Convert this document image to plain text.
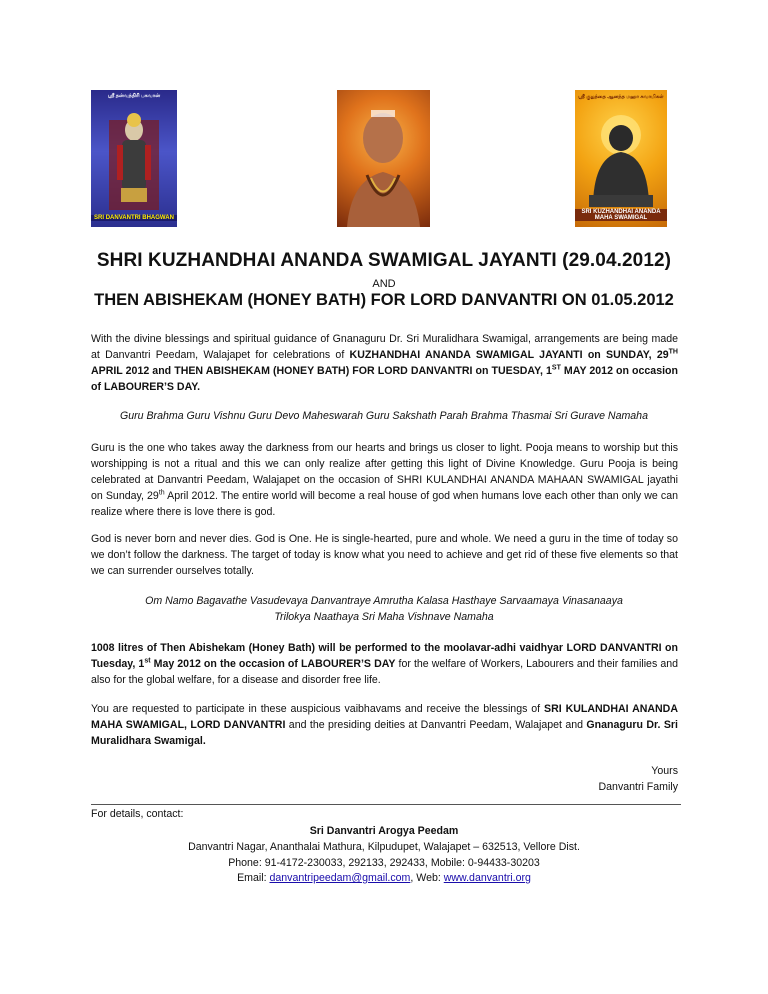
ஸ்ரீ தன்வந்திரி பகவான்
SRI DANVANTRI BHAGWAN
ஸ்ரீ குழந்தை ஆனந்த மஹா சுவாமிகள்
SRI KUZHANDHAI ANANDA MAHA SWAMIGAL
SHRI KUZHANDHAI ANANDA SWAMIGAL JAYANTI (29.04.2012)
AND
THEN ABISHEKAM (HONEY BATH) FOR LORD DANVANTRI ON 01.05.2012
With the divine blessings and spiritual guidance of Gnanaguru Dr. Sri Muralidhara Swamigal, arrangements are being made at Danvantri Peedam, Walajapet for celebrations of KUZHANDHAI ANANDA SWAMIGAL JAYANTI on SUNDAY, 29TH APRIL 2012 and THEN ABISHEKAM (HONEY BATH) FOR LORD DANVANTRI on TUESDAY, 1ST MAY 2012 on occasion of LABOURER’S DAY.
Guru Brahma Guru Vishnu Guru Devo Maheswarah Guru Sakshath Parah Brahma Thasmai Sri Gurave Namaha
Guru is the one who takes away the darkness from our hearts and brings us closer to light. Pooja means to worship but this worshipping is not a ritual and this we can only realize after getting this light of Divine Knowledge. Guru Pooja is being celebrated at Danvantri Peedam, Walajapet on the occasion of SHRI KULANDHAI ANANDA MAHAAN SWAMIGAL jayathi on Sunday, 29th April 2012. The entire world will become a real house of god when humans love each other than only we can realize where there is love there is god.
God is never born and never dies. God is One. He is single-hearted, pure and whole. We need a guru in the time of today so we don’t follow the darkness. The target of today is know what you need to achieve and get rid of these five elements so that we can surrender ourselves totally.
Om Namo Bagavathe Vasudevaya Danvantraye Amrutha Kalasa Hasthaye Sarvaamaya Vinasanaaya
Trilokya Naathaya Sri Maha Vishnave Namaha
1008 litres of Then Abishekam (Honey Bath) will be performed to the moolavar-adhi vaidhyar LORD DANVANTRI on Tuesday, 1st May 2012 on the occasion of LABOURER’S DAY for the welfare of Workers, Labourers and their families and also for the global welfare, for a disease and disorder free life.
You are requested to participate in these auspicious vaibhavams and receive the blessings of SRI KULANDHAI ANANDA MAHA SWAMIGAL, LORD DANVANTRI and the presiding deities at Danvantri Peedam, Walajapet and Gnanaguru Dr. Sri Muralidhara Swamigal.
Yours
Danvantri Family
For details, contact:
Sri Danvantri Arogya Peedam
Danvantri Nagar, Ananthalai Mathura, Kilpudupet, Walajapet – 632513, Vellore Dist.
Phone: 91-4172-230033, 292133, 292433, Mobile: 0-94433-30203
Email: danvantripeedam@gmail.com, Web: www.danvantri.org
